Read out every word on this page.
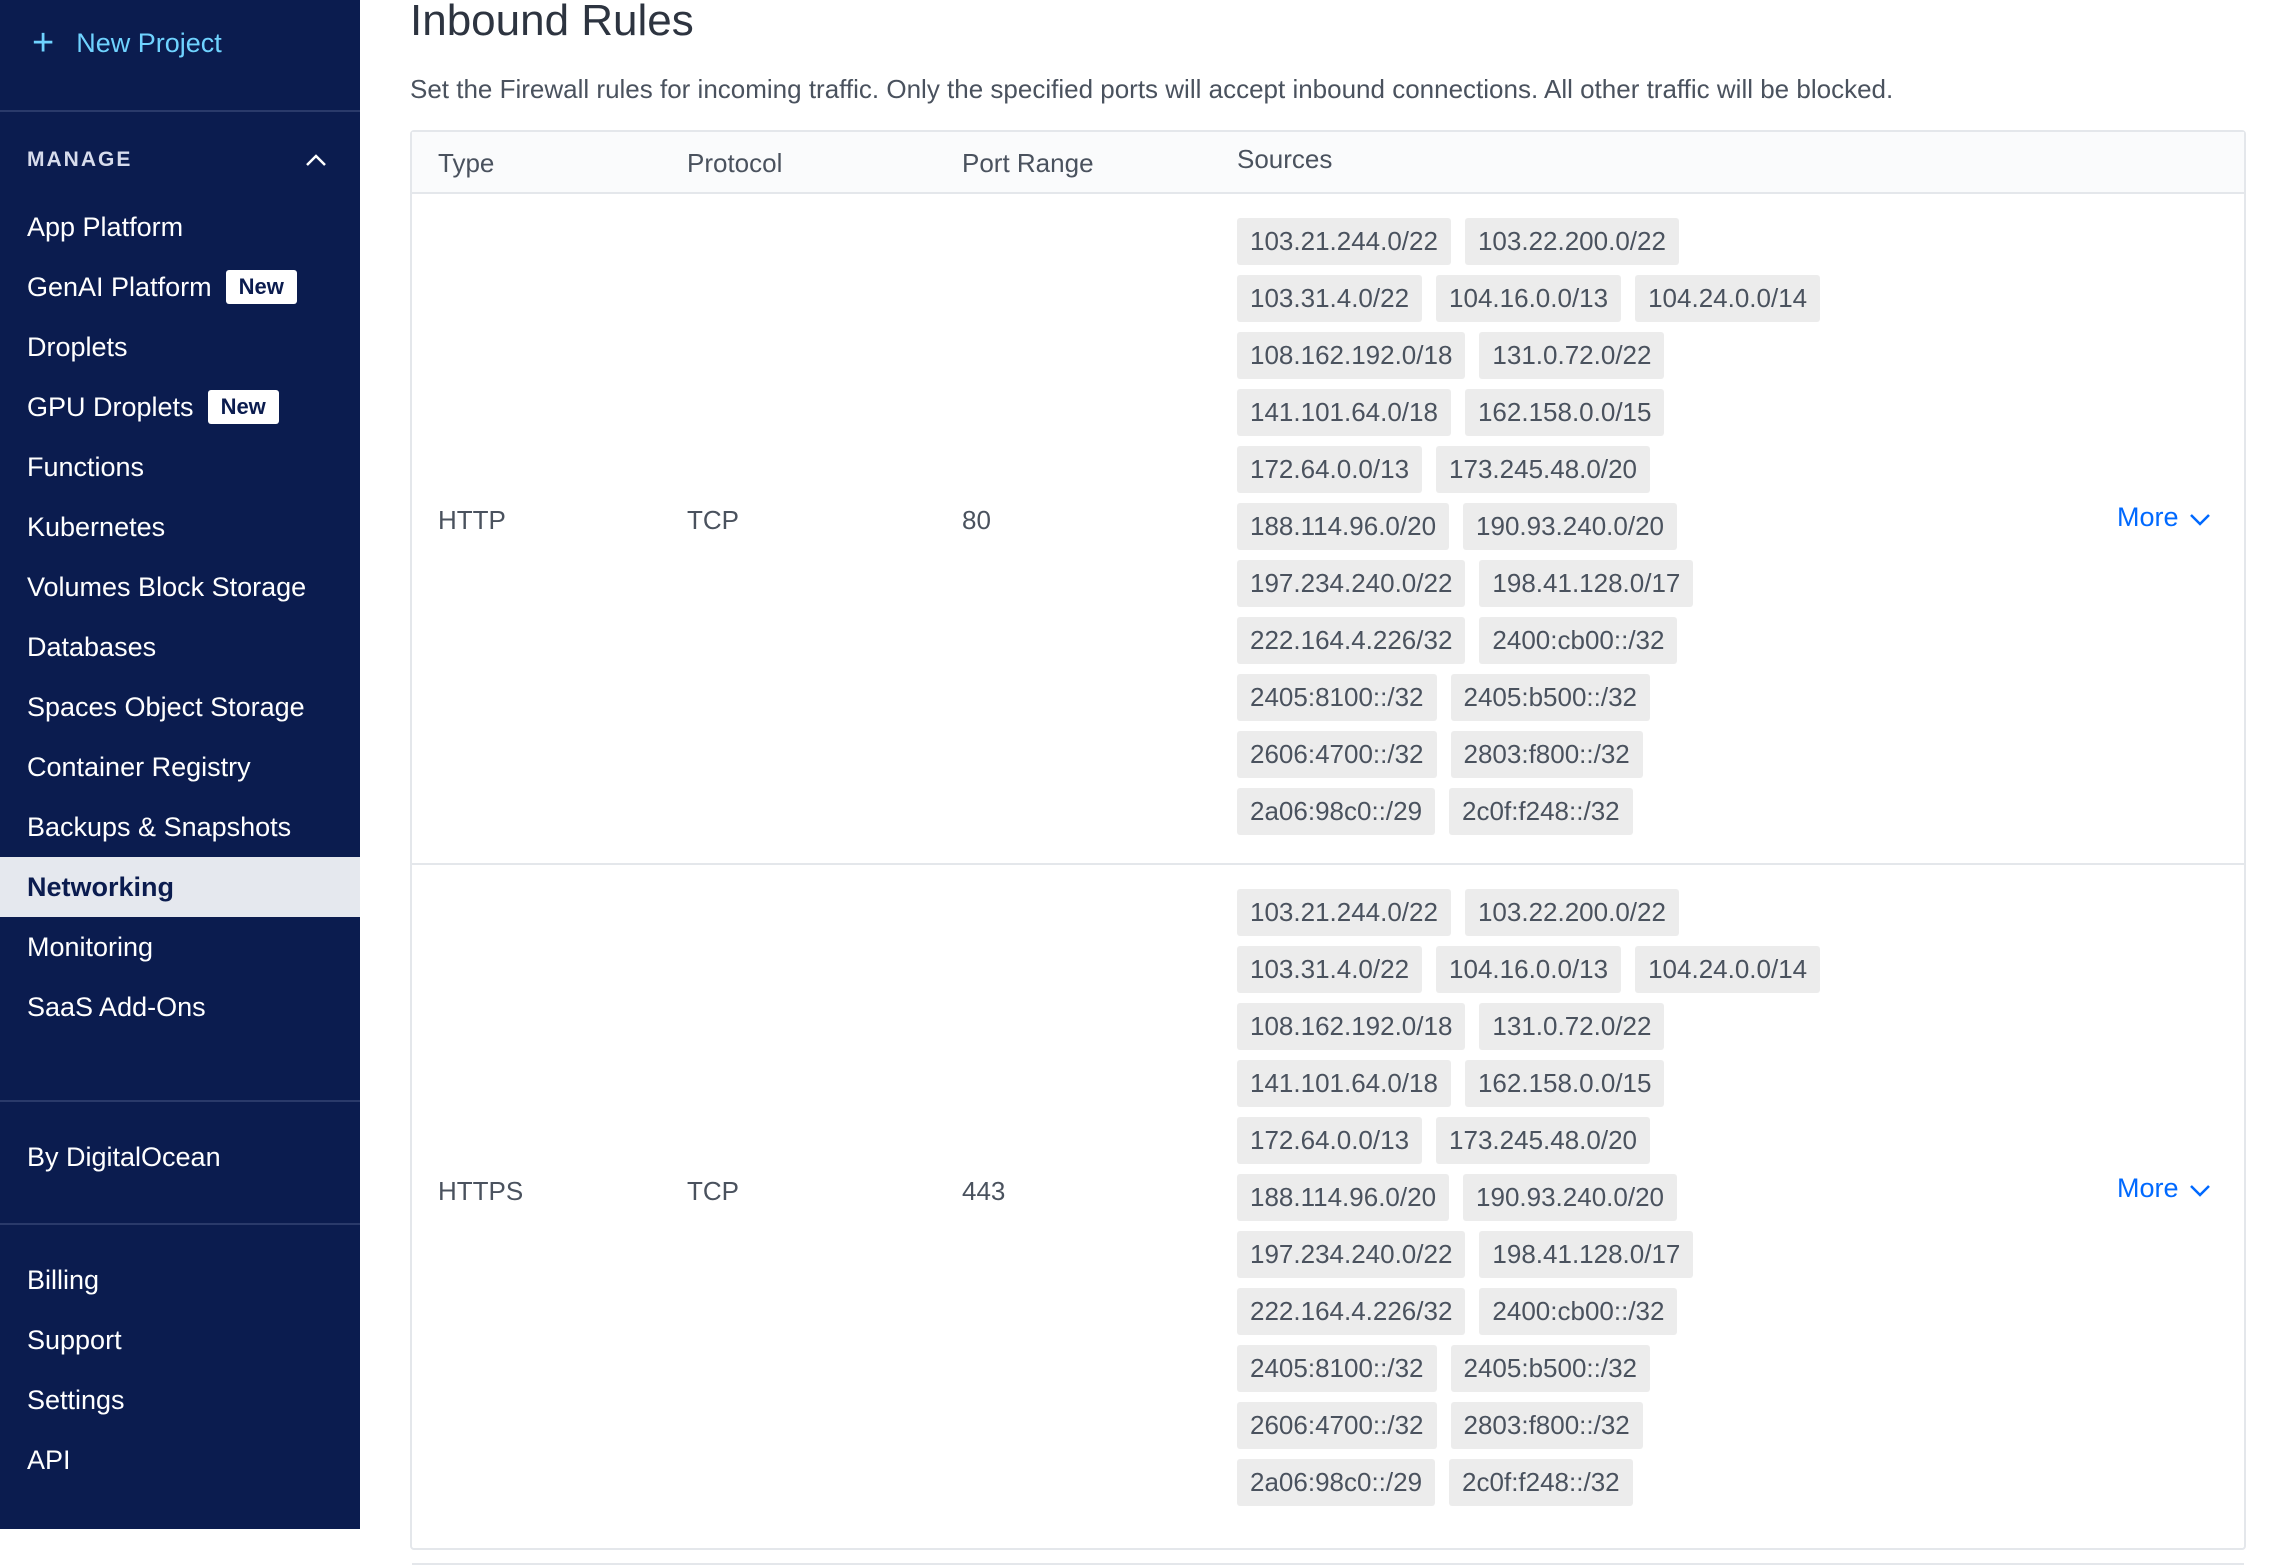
+ New Project
MANAGE
App Platform
GenAI Platform	New
Droplets
GPU Droplets	New
Functions
Kubernetes
Volumes Block Storage
Databases
Spaces Object Storage
Container Registry
Backups & Snapshots
Networking
Monitoring
SaaS Add-Ons
By DigitalOcean
Billing
Support
Settings
API
Inbound Rules

Set the Firewall rules for incoming traffic. Only the specified ports will accept inbound connections. All other traffic will be blocked.

Type	Protocol	Port Range	Sources
HTTP	TCP	80
103.21.244.0/22	103.22.200.0/22
103.31.4.0/22	104.16.0.0/13	104.24.0.0/14
108.162.192.0/18	131.0.72.0/22
141.101.64.0/18	162.158.0.0/15
172.64.0.0/13	173.245.48.0/20
188.114.96.0/20	190.93.240.0/20
197.234.240.0/22	198.41.128.0/17
222.164.4.226/32	2400:cb00::/32
2405:8100::/32	2405:b500::/32
2606:4700::/32	2803:f800::/32
2a06:98c0::/29	2c0f:f248::/32
More
HTTPS	TCP	443
103.21.244.0/22	103.22.200.0/22
103.31.4.0/22	104.16.0.0/13	104.24.0.0/14
108.162.192.0/18	131.0.72.0/22
141.101.64.0/18	162.158.0.0/15
172.64.0.0/13	173.245.48.0/20
188.114.96.0/20	190.93.240.0/20
197.234.240.0/22	198.41.128.0/17
222.164.4.226/32	2400:cb00::/32
2405:8100::/32	2405:b500::/32
2606:4700::/32	2803:f800::/32
2a06:98c0::/29	2c0f:f248::/32
More
